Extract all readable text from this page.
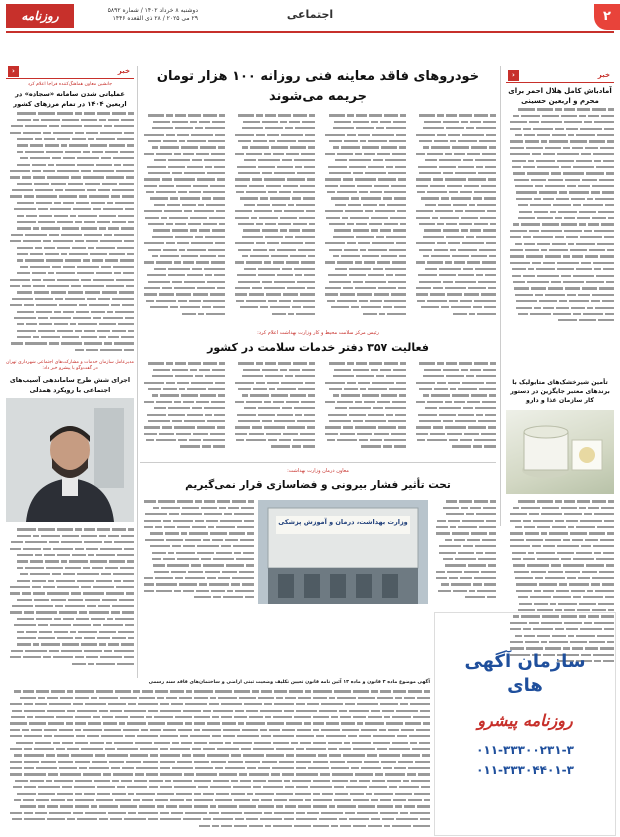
۲
اجتماعی
روزنامه پیشرو
دوشنبه ۸ خرداد ۱۴۰۲ / شماره ۵۸۹۲
۲۹ می ۲۰۲۵ / ۲۸ ذی القعده ۱۴۴۶
خبر
‹
آمادباش کامل هلال احمر برای محرم و اربعین حسینی
تأمین شیرخشک‌های متابولیک با برندهای معتبر جایگزین در دستور کار سازمان غذا و دارو
خودروهای فاقد معاینه فنی روزانه ۱۰۰ هزار تومان
جریمه می‌شوند
رئیس مرکز سلامت محیط و کار وزارت بهداشت اعلام کرد:
فعالیت ۳۵۷ دفتر خدمات سلامت در کشور
معاون درمان وزارت بهداشت:
تحت تأثیر فشار بیرونی و فضاسازی قرار نمی‌گیریم
وزارت بهداشت، درمان و آموزش پزشکی
خبر
‹
جانشین معاون هماهنگ‌کننده فراجا اعلام کرد
عملیاتی شدن سامانه «سجاده» در اربعین ۱۴۰۴ در تمام مرزهای کشور
مدیرعامل سازمان خدمات و مشارکت‌های اجتماعی شهرداری تهران در گفت‌وگو با پیشرو خبر داد:
اجرای شش طرح ساماندهی آسیب‌های اجتماعی با رویکرد همدلی
سازمان آگهی
های
روزنامه پیشرو
۰۱۱-۳۳۳۰۰۲۳۱-۳
۰۱۱-۳۳۳۰۴۴۰۱-۳
آگهی موضوع ماده ۳ قانون و ماده ۱۳ آئین نامه قانون تعیین تکلیف وضعیت ثبتی اراضی و ساختمان‌های فاقد سند رسمی
